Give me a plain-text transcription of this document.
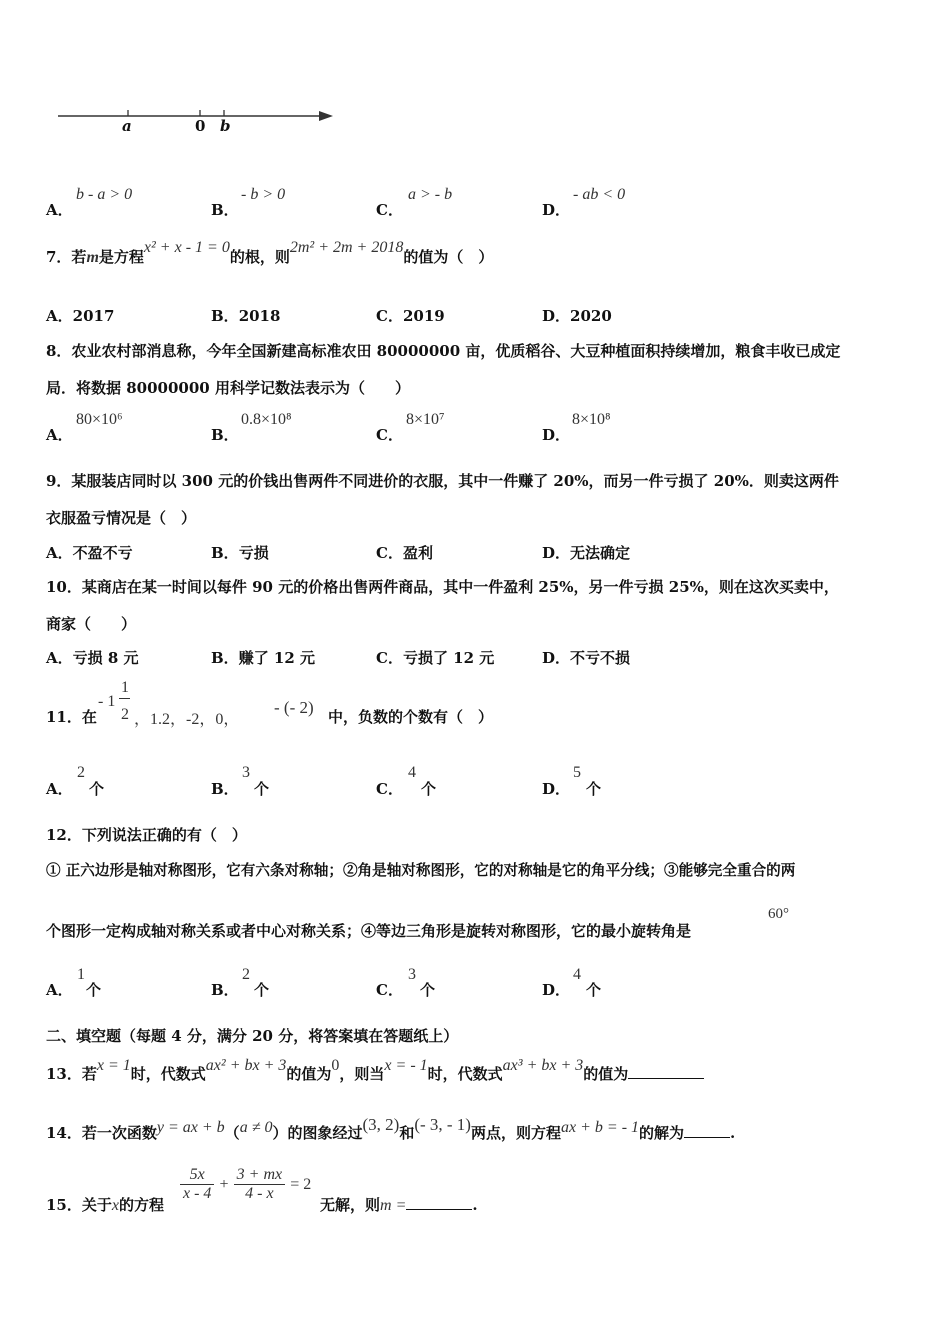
a	0 b
A．
b - a > 0
B．
- b > 0
C．
a > - b
D．
- ab < 0
7．若m是方程x² + x - 1 = 0的根，则2m² + 2m + 2018的值为（　）
A．2017	B．2018	C．2019	D．2020
8．农业农村部消息称，今年全国新建高标准农田 80000000 亩，优质稻谷、大豆种植面积持续增加，粮食丰收已成定
局．将数据 80000000 用科学记数法表示为（　　）
A．
80×10⁶
B．
0.8×10⁸
C．
8×10⁷
D．
8×10⁸
9．某服装店同时以 300 元的价钱出售两件不同进价的衣服，其中一件赚了 20%，而另一件亏损了 20%．则卖这两件
衣服盈亏情况是（　）
A．不盈不亏	B．亏损	C．盈利	D．无法确定
10．某商店在某一时间以每件 90 元的价格出售两件商品，其中一件盈利 25%，另一件亏损 25%，则在这次买卖中，
商家（　　）
A．亏损 8 元	B．赚了 12 元	C．亏损了 12 元	D．不亏不损
11．在
- 1
1
2 ，1.2，-2，0，
- (- 2) 中，负数的个数有（　）
A．
2
个	B．
3
个	C．
4
个	D．
5
个
12．下列说法正确的有（　）
① 正六边形是轴对称图形，它有六条对称轴；②角是轴对称图形，它的对称轴是它的角平分线；③能够完全重合的两
个图形一定构成轴对称关系或者中心对称关系；④等边三角形是旋转对称图形，它的最小旋转角是
60°
A．
1
个	B．
2
个	C．
3
个	D．
4
个
二、填空题（每题 4 分，满分 20 分，将答案填在答题纸上）
13．若x = 1时，代数式ax² + bx + 3的值为0，则当x = - 1时，代数式ax³ + bx + 3的值为
14．若一次函数y = ax + b（a ≠ 0）的图象经过(3, 2)和(- 3, - 1)两点，则方程ax + b = - 1的解为	.
15．关于x的方程
$\frac{5x}{x - 4} + \frac{3 + mx}{4 - x} = 2$
无解，则m =	.
